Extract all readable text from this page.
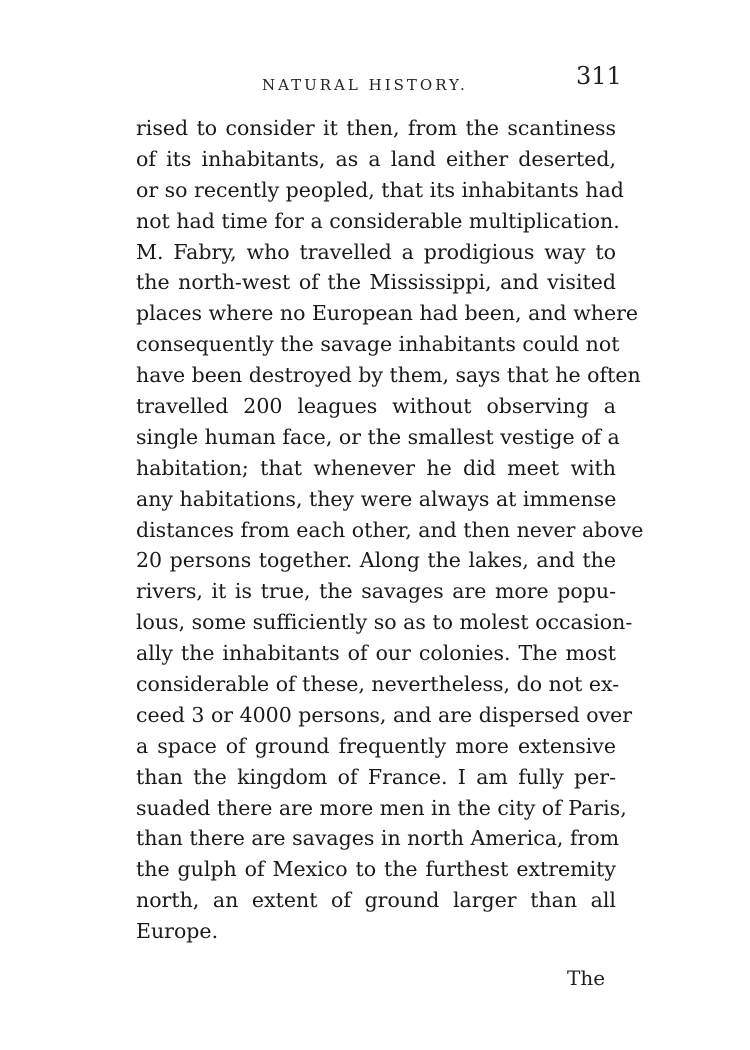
NATURAL HISTORY.	311
rised to consider it then, from the scantiness
of its inhabitants, as a land either deserted,
or so recently peopled, that its inhabitants had
not had time for a considerable multiplication.
M. Fabry, who travelled a prodigious way to
the north-west of the Mississippi, and visited
places where no European had been, and where
consequently the savage inhabitants could not
have been destroyed by them, says that he often
travelled 200 leagues without observing a
single human face, or the smallest vestige of a
habitation; that whenever he did meet with
any habitations, they were always at immense
distances from each other, and then never above
20 persons together. Along the lakes, and the
rivers, it is true, the savages are more popu-
lous, some sufficiently so as to molest occasion-
ally the inhabitants of our colonies. The most
considerable of these, nevertheless, do not ex-
ceed 3 or 4000 persons, and are dispersed over
a space of ground frequently more extensive
than the kingdom of France. I am fully per-
suaded there are more men in the city of Paris,
than there are savages in north America, from
the gulph of Mexico to the furthest extremity
north, an extent of ground larger than all
Europe.
The
